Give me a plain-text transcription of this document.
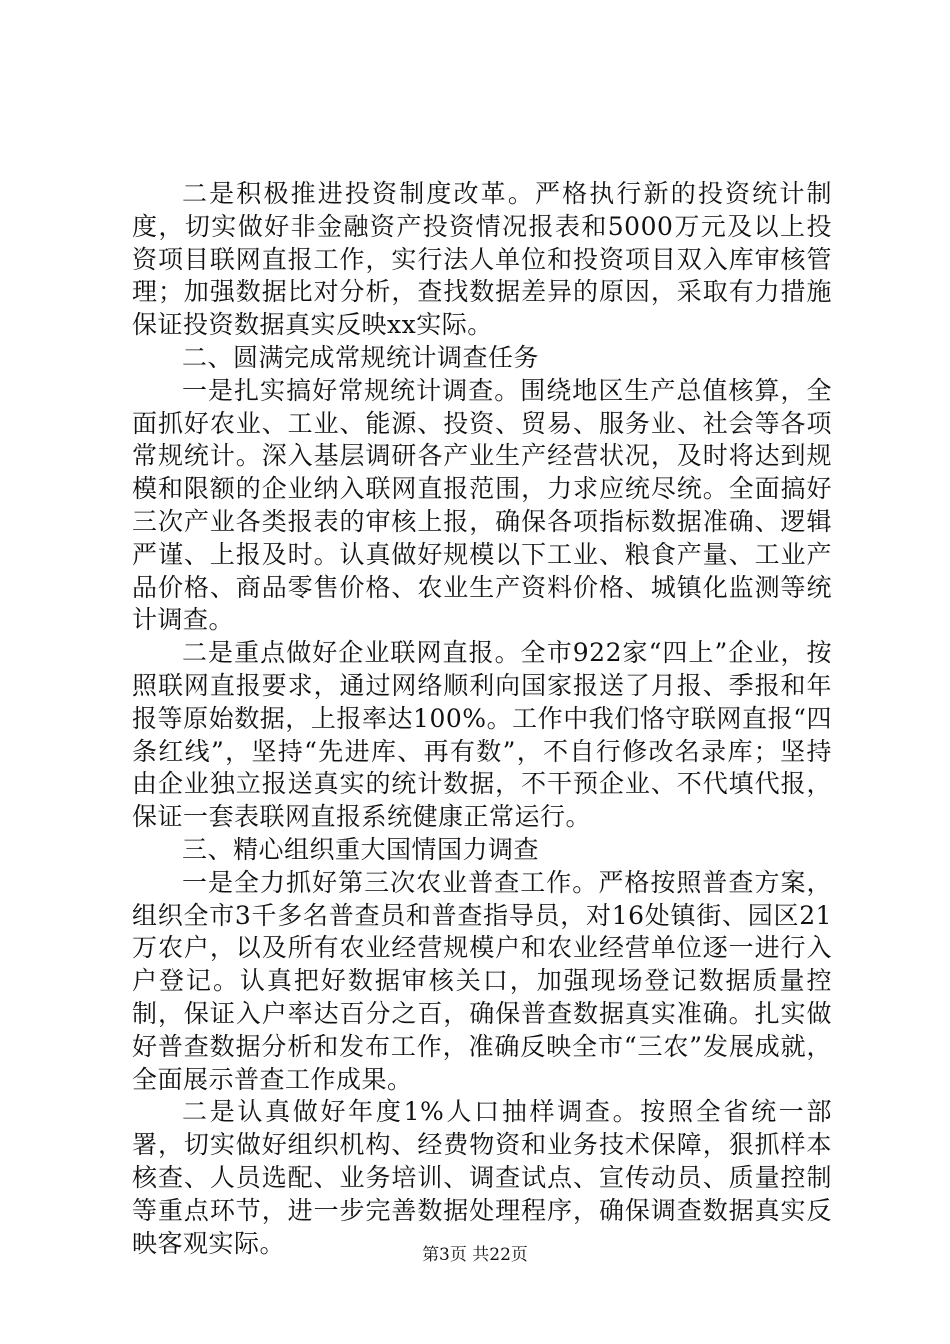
二是积极推进投资制度改革。严格执行新的投资统计制度，切实做好非金融资产投资情况报表和5000万元及以上投资项目联网直报工作，实行法人单位和投资项目双入库审核管理；加强数据比对分析，查找数据差异的原因，采取有力措施保证投资数据真实反映xx实际。

二、圆满完成常规统计调查任务

一是扎实搞好常规统计调查。围绕地区生产总值核算，全面抓好农业、工业、能源、投资、贸易、服务业、社会等各项常规统计。深入基层调研各产业生产经营状况，及时将达到规模和限额的企业纳入联网直报范围，力求应统尽统。全面搞好三次产业各类报表的审核上报，确保各项指标数据准确、逻辑严谨、上报及时。认真做好规模以下工业、粮食产量、工业产品价格、商品零售价格、农业生产资料价格、城镇化监测等统计调查。

二是重点做好企业联网直报。全市922家“四上”企业，按照联网直报要求，通过网络顺利向国家报送了月报、季报和年报等原始数据，上报率达100%。工作中我们恪守联网直报“四条红线”，坚持“先进库、再有数”，不自行修改名录库；坚持由企业独立报送真实的统计数据，不干预企业、不代填代报，保证一套表联网直报系统健康正常运行。

三、精心组织重大国情国力调查

一是全力抓好第三次农业普查工作。严格按照普查方案，组织全市3千多名普查员和普查指导员，对16处镇街、园区21万农户，以及所有农业经营规模户和农业经营单位逐一进行入户登记。认真把好数据审核关口，加强现场登记数据质量控制，保证入户率达百分之百，确保普查数据真实准确。扎实做好普查数据分析和发布工作，准确反映全市“三农”发展成就，全面展示普查工作成果。

二是认真做好年度1%人口抽样调查。按照全省统一部署，切实做好组织机构、经费物资和业务技术保障，狠抓样本核查、人员选配、业务培训、调查试点、宣传动员、质量控制等重点环节，进一步完善数据处理程序，确保调查数据真实反映客观实际。	第3页 共22页
